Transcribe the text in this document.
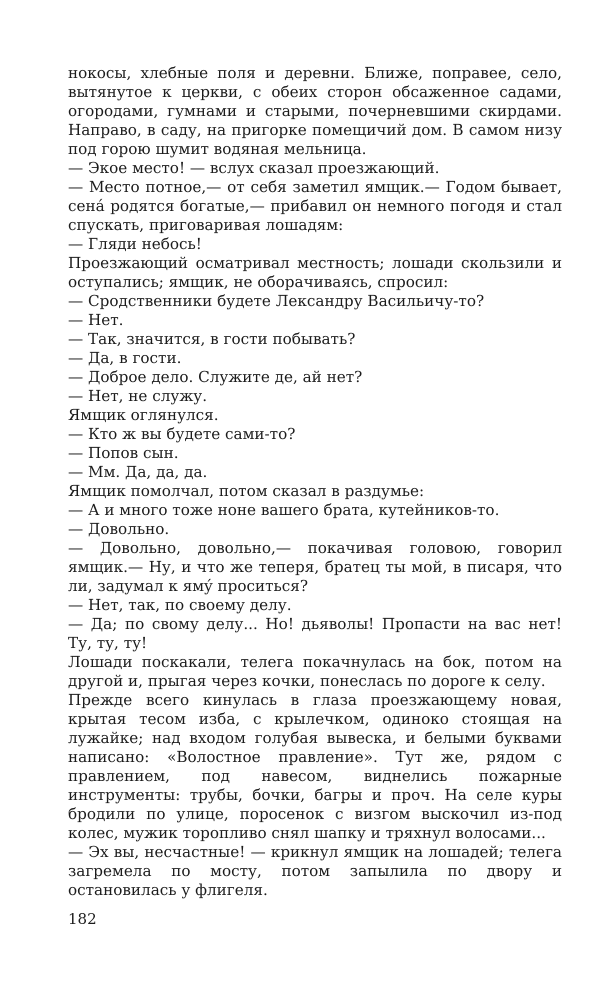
нокосы, хлебные поля и деревни. Ближе, поправее, село, вытянутое к церкви, с обеих сторон обсаженное садами, огородами, гумнами и старыми, почерневшими скирдами. Направо, в саду, на пригорке помещичий дом. В самом низу под горою шумит водяная мельница.

— Экое место! — вслух сказал проезжающий.

— Место потное,— от себя заметил ямщик.— Годом бывает, сена́ родятся богатые,— прибавил он немного погодя и стал спускать, приговаривая лошадям:

— Гляди небось!

Проезжающий осматривал местность; лошади скользили и оступались; ямщик, не оборачиваясь, спросил:

— Сродственники будете Лександру Васильичу-то?

— Нет.

— Так, значится, в гости побывать?

— Да, в гости.

— Доброе дело. Служите де, ай нет?

— Нет, не служу.

Ямщик оглянулся.

— Кто ж вы будете сами-то?

— Попов сын.

— Мм. Да, да, да.

Ямщик помолчал, потом сказал в раздумье:

— А и много тоже ноне вашего брата, кутейников-то.

— Довольно.

— Довольно, довольно,— покачивая головою, говорил ямщик.— Ну, и что же теперя, братец ты мой, в писаря, что ли, задумал к ямý проситься?

— Нет, так, по своему делу.

— Да; по свому делу... Но! дьяволы! Пропасти на вас нет! Ту, ту, ту!

Лошади поскакали, телега покачнулась на бок, потом на другой и, прыгая через кочки, понеслась по дороге к селу.

Прежде всего кинулась в глаза проезжающему новая, крытая тесом изба, с крылечком, одиноко стоящая на лужайке; над входом голубая вывеска, и белыми буквами написано: «Волостное правление». Тут же, рядом с правлением, под навесом, виднелись пожарные инструменты: трубы, бочки, багры и проч. На селе куры бродили по улице, поросенок с визгом выскочил из-под колес, мужик торопливо снял шапку и тряхнул волосами...

— Эх вы, несчастные! — крикнул ямщик на лошадей; телега загремела по мосту, потом запылила по двору и остановилась у флигеля.

182
